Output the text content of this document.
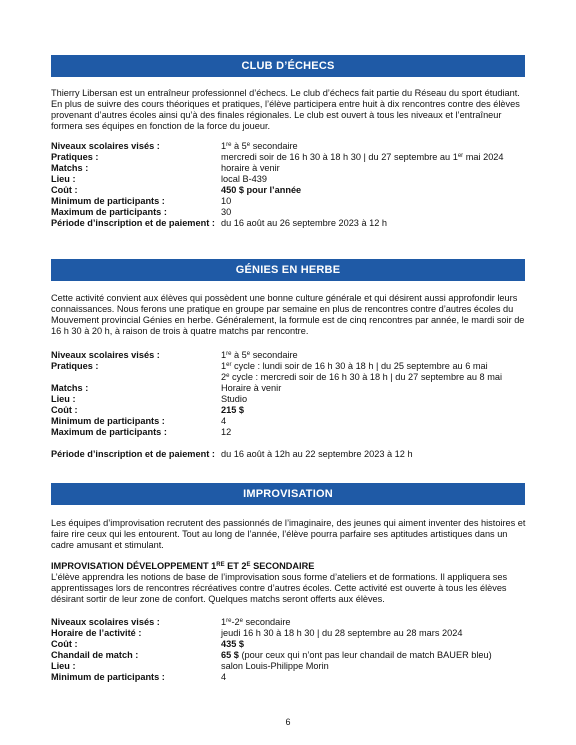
CLUB D’ÉCHECS
Thierry Libersan est un entraîneur professionnel d’échecs. Le club d’échecs fait partie du Réseau du sport étudiant. En plus de suivre des cours théoriques et pratiques, l’élève participera entre huit à dix rencontres contre des élèves provenant d’autres écoles ainsi qu’à des finales régionales. Le club est ouvert à tous les niveaux et l’entraîneur formera ses équipes en fonction de la force du joueur.
Niveaux scolaires visés :	1re à 5e secondaire
Pratiques :	mercredi soir de 16 h 30 à 18 h 30 | du 27 septembre au 1er mai 2024
Matchs :	horaire à venir
Lieu :	local B-439
Coût :	450 $ pour l’année
Minimum de participants :	10
Maximum de participants :	30
Période d’inscription et de paiement : du 16 août au 26 septembre 2023 à 12 h
GÉNIES EN HERBE
Cette activité convient aux élèves qui possèdent une bonne culture générale et qui désirent aussi approfondir leurs connaissances. Nous ferons une pratique en groupe par semaine en plus de rencontres contre d’autres écoles du Mouvement provincial Génies en herbe. Généralement, la formule est de cinq rencontres par année, le mardi soir de 16 h 30 à 20 h, à raison de trois à quatre matchs par rencontre.
Niveaux scolaires visés :	1re à 5e secondaire
Pratiques :	1er cycle : lundi soir de 16 h 30 à 18 h | du 25 septembre au 6 mai
2e cycle : mercredi soir de 16 h 30 à 18 h | du 27 septembre au 8 mai
Matchs :	Horaire à venir
Lieu :	Studio
Coût :	215 $
Minimum de participants :	4
Maximum de participants :	12
Période d’inscription et de paiement : du 16 août à 12h au 22 septembre 2023 à 12 h
IMPROVISATION
Les équipes d’improvisation recrutent des passionnés de l’imaginaire, des jeunes qui aiment inventer des histoires et faire rire ceux qui les entourent. Tout au long de l’année, l’élève pourra parfaire ses aptitudes artistiques dans un cadre amusant et stimulant.
IMPROVISATION DÉVELOPPEMENT 1RE ET $2^E$ SECONDAIRE
L’élève apprendra les notions de base de l’improvisation sous forme d’ateliers et de formations. Il appliquera ses apprentissages lors de rencontres récréatives contre d’autres écoles. Cette activité est ouverte à tous les élèves désirant sortir de leur zone de confort. Quelques matchs seront offerts aux élèves.
Niveaux scolaires visés :	1re-2e secondaire
Horaire de l’activité :	jeudi 16 h 30 à 18 h 30 | du 28 septembre au 28 mars 2024
Coût :	435 $
Chandail de match :	65 $ (pour ceux qui n’ont pas leur chandail de match BAUER bleu)
Lieu :	salon Louis-Philippe Morin
Minimum de participants :	4
6
